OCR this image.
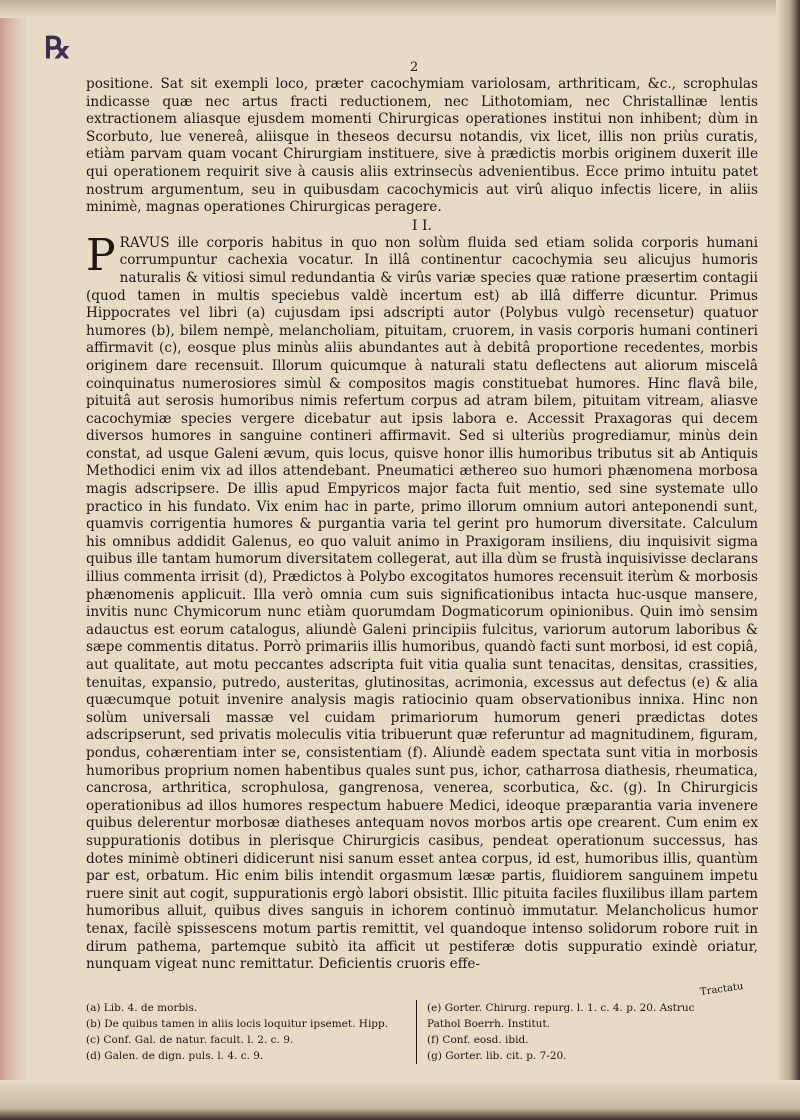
℞
2

positione. Sat sit exempli loco, præter cacochymiam variolosam, arthriticam, &c., scrophulas indicasse quæ nec artus fracti reductionem, nec Lithotomiam, nec Christallinæ lentis extractionem aliasque ejusdem momenti Chirurgicas operationes institui non inhibent; dùm in Scorbuto, lue venereâ, aliisque in theseos decursu notandis, vix licet, illis non priùs curatis, etiàm parvam quam vocant Chirurgiam instituere, sive à prædictis morbis originem duxerit ille qui operationem requirit sive à causis aliis extrinsecùs advenientibus. Ecce primo intuitu patet nostrum argumentum, seu in quibusdam cacochymicis aut virû aliquo infectis licere, in aliis minimè, magnas operationes Chirurgicas peragere.

I I.

P RAVUS ille corporis habitus in quo non solùm fluida sed etiam solida corporis humani corrumpuntur cachexia vocatur. In illâ continentur cacochymia seu alicujus humoris naturalis & vitiosi simul redundantia & virûs variæ species quæ ratione præsertim contagii (quod tamen in multis speciebus valdè incertum est) ab illâ differre dicuntur. Primus Hippocrates vel libri (a) cujusdam ipsi adscripti autor (Polybus vulgò recensetur) quatuor humores (b), bilem nempè, melancholiam, pituitam, cruorem, in vasis corporis humani contineri affirmavit (c), eosque plus minùs aliis abundantes aut à debitâ proportione recedentes, morbis originem dare recensuit. Illorum quicumque à naturali statu deflectens aut aliorum miscelâ coinquinatus numerosiores simùl & compositos magis constituebat humores. Hinc flavâ bile, pituitâ aut serosis humoribus nimis refertum corpus ad atram bilem, pituitam vitream, aliasve cacochymiæ species vergere dicebatur aut ipsis labora e. Accessit Praxagoras qui decem diversos humores in sanguine contineri affirmavit. Sed si ulteriùs progrediamur, minùs dein constat, ad usque Galeni ævum, quis locus, quisve honor illis humoribus tributus sit ab Antiquis Methodici enim vix ad illos attendebant. Pneumatici æthereo suo humori phænomena morbosa magis adscripsere. De illis apud Empyricos major facta fuit mentio, sed sine systemate ullo practico in his fundato. Vix enim hac in parte, primo illorum omnium autori anteponendi sunt, quamvis corrigentia humores & purgantia varia tel gerint pro humorum diversitate. Calculum his omnibus addidit Galenus, eo quo valuit animo in Praxigoram insiliens, diu inquisivit sigma quibus ille tantam humorum diversitatem collegerat, aut illa dùm se frustà inquisivisse declarans illius commenta irrisit (d), Prædictos à Polybo excogitatos humores recensuit iterùm & morbosis phænomenis applicuit. Illa verò omnia cum suis significationibus intacta huc-usque mansere, invitis nunc Chymicorum nunc etiàm quorumdam Dogmaticorum opinionibus. Quin imò sensim adauctus est eorum catalogus, aliundè Galeni principiis fulcitus, variorum autorum laboribus & sæpe commentis ditatus. Porrò primariis illis humoribus, quandò facti sunt morbosi, id est copiâ, aut qualitate, aut motu peccantes adscripta fuit vitia qualia sunt tenacitas, densitas, crassities, tenuitas, expansio, putredo, austeritas, glutinositas, acrimonia, excessus aut defectus (e) & alia quæcumque potuit invenire analysis magis ratiocinio quam observationibus innixa. Hinc non solùm universali massæ vel cuidam primariorum humorum generi prædictas dotes adscripserunt, sed privatis moleculis vitia tribuerunt quæ referuntur ad magnitudinem, figuram, pondus, cohærentiam inter se, consistentiam (f). Aliundè eadem spectata sunt vitia in morbosis humoribus proprium nomen habentibus quales sunt pus, ichor, catharrosa diathesis, rheumatica, cancrosa, arthritica, scrophulosa, gangrenosa, venerea, scorbutica, &c. (g). In Chirurgicis operationibus ad illos humores respectum habuere Medici, ideoque præparantia varia invenere quibus delerentur morbosæ diatheses antequam novos morbos artis ope crearent. Cum enim ex suppurationis dotibus in plerisque Chirurgicis casibus, pendeat operationum successus, has dotes minimè obtineri didicerunt nisi sanum esset antea corpus, id est, humoribus illis, quantùm par est, orbatum. Hic enim bilis intendit orgasmum læsæ partis, fluidiorem sanguinem impetu ruere sinit aut cogit, suppurationis ergò labori obsistit. Illic pituita faciles fluxilibus illam partem humoribus alluit, quibus dives sanguis in ichorem continuò immutatur. Melancholicus humor tenax, facilè spissescens motum partis remittit, vel quandoque intenso solidorum robore ruit in dirum pathema, partemque subitò ita afficit ut pestiferæ dotis suppuratio exindè oriatur, nunquam vigeat nunc remittatur. Deficientis cruoris effe-

Tractatu
(a) Lib. 4. de morbis.
(b) De quibus tamen in aliis locis loquitur ipsemet. Hipp.
(c) Conf. Gal. de natur. facult. l. 2. c. 9.
(d) Galen. de dign. puls. l. 4. c. 9.
(e) Gorter. Chirurg. repurg. l. 1. c. 4. p. 20. Astruc
Pathol Boerrh. Institut.
(f) Conf. eosd. ibid.
(g) Gorter. lib. cit. p. 7-20.
